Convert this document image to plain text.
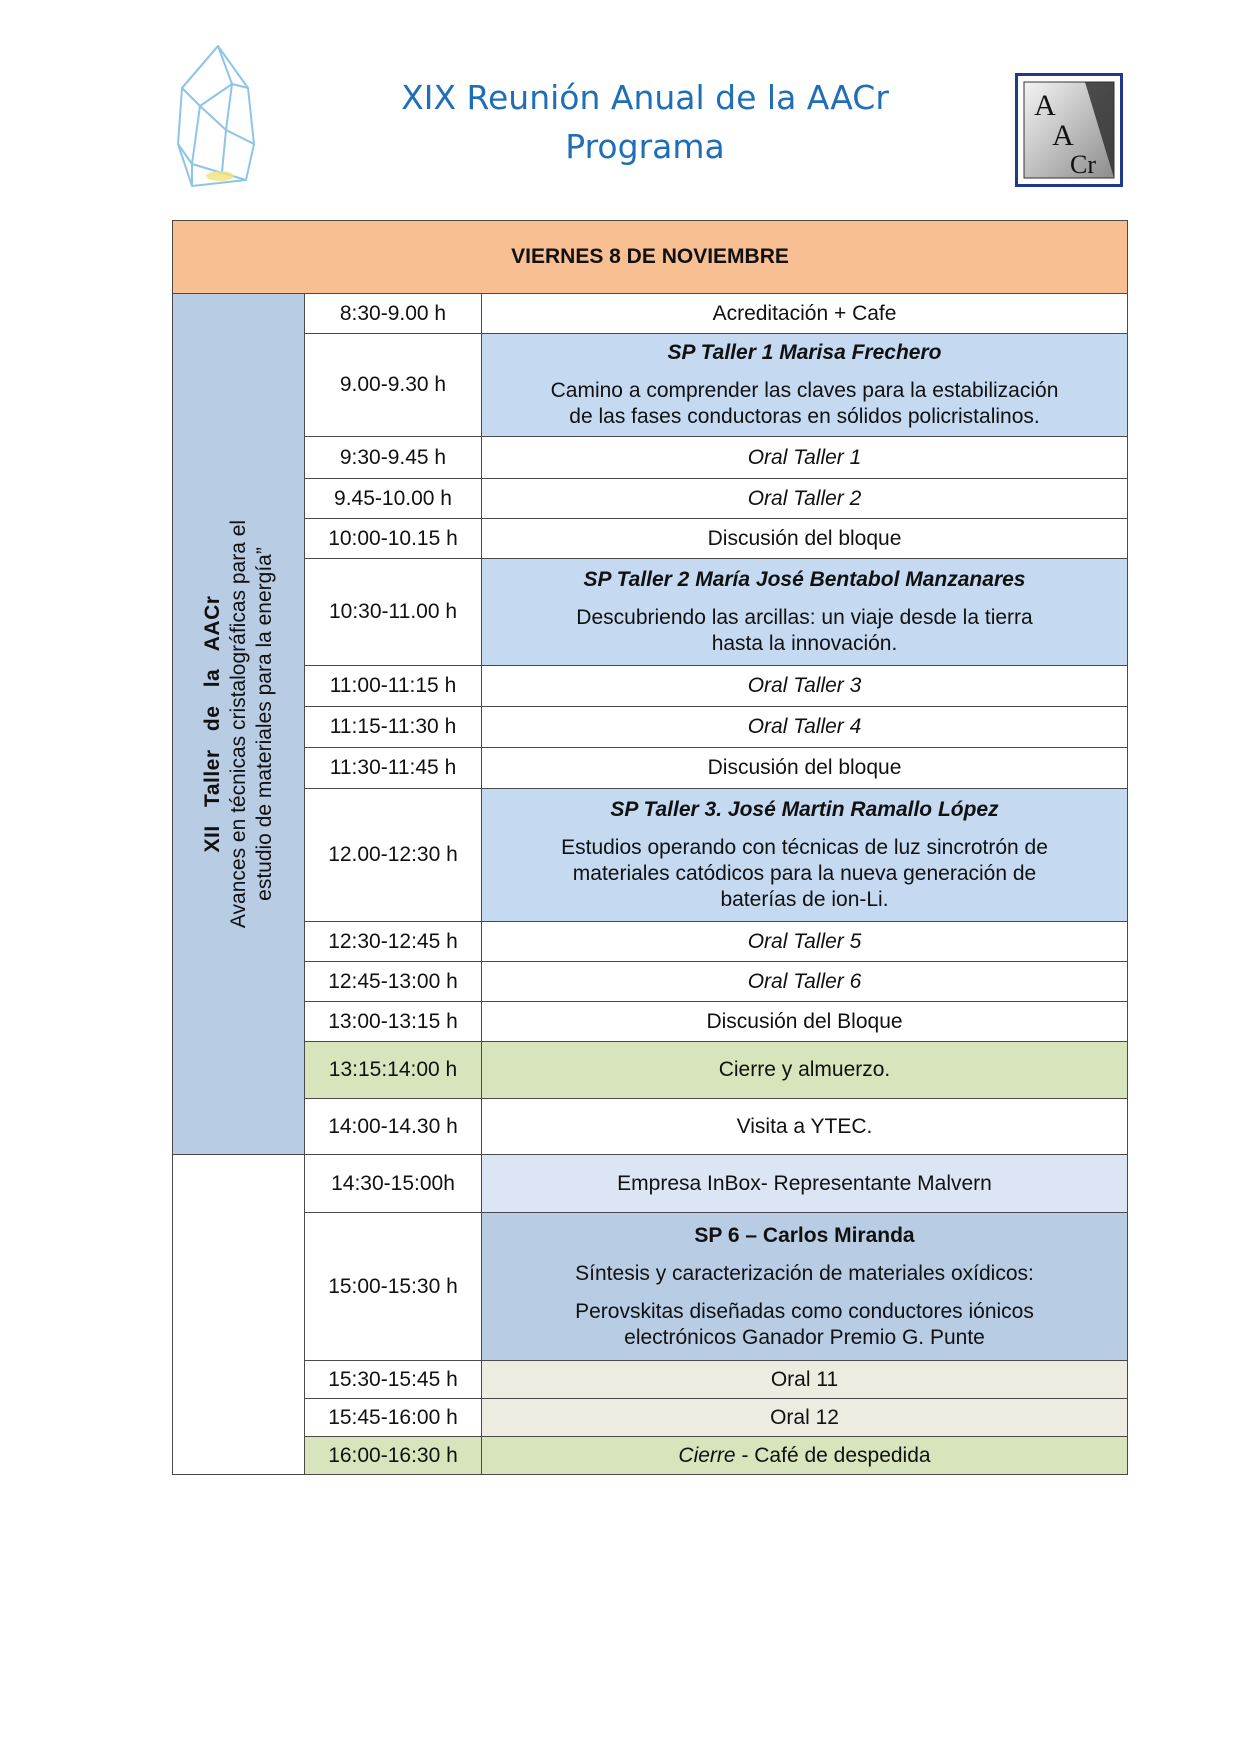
A
A
Cr
XIX Reunión Anual de la AACr
Programa
VIERNES 8 DE NOVIEMBRE		

XII Taller de la AACr Avances en técnicas cristalográficas para el estudio de materiales para la energía”	8:30-9.00 h	Acreditación + Cafe
	9.00-9.30 h	SP Taller 1 Marisa Frechero
Camino a comprender las claves para la estabilización
de las fases conductoras en sólidos policristalinos.

	9:30-9.45 h	Oral Taller 1
	9.45-10.00 h	Oral Taller 2
	10:00-10.15 h	Discusión del bloque
	10:30-11.00 h	SP Taller 2 María José Bentabol Manzanares
Descubriendo las arcillas: un viaje desde la tierra
hasta la innovación.

	11:00-11:15 h	Oral Taller 3
	11:15-11:30 h	Oral Taller 4
	11:30-11:45 h	Discusión del bloque
	12.00-12:30 h	SP Taller 3. José Martin Ramallo López
Estudios operando con técnicas de luz sincrotrón de
materiales catódicos para la nueva generación de
baterías de ion-Li.

	12:30-12:45 h	Oral Taller 5
	12:45-13:00 h	Oral Taller 6
	13:00-13:15 h	Discusión del Bloque
	13:15:14:00 h	Cierre y almuerzo.
	14:00-14.30 h	Visita a YTEC.
	14:30-15:00h	Empresa InBox- Representante Malvern
	15:00-15:30 h	SP 6 – Carlos Miranda
Síntesis y caracterización de materiales oxídicos:
Perovskitas diseñadas como conductores iónicos
electrónicos Ganador Premio G. Punte

	15:30-15:45 h	Oral 11
	15:45-16:00 h	Oral 12
	16:00-16:30 h	Cierre - Café de despedida
